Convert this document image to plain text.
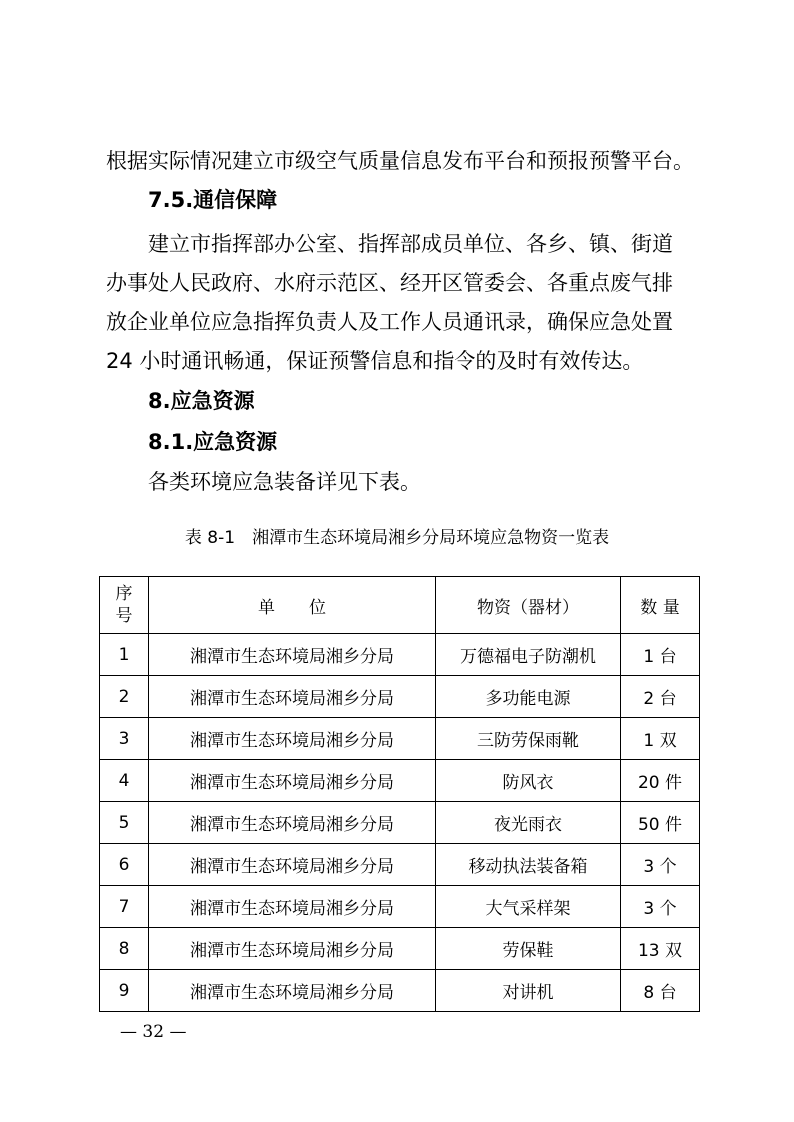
根据实际情况建立市级空气质量信息发布平台和预报预警平台。
7.5.通信保障
建立市指挥部办公室、指挥部成员单位、各乡、镇、街道
办事处人民政府、水府示范区、经开区管委会、各重点废气排
放企业单位应急指挥负责人及工作人员通讯录，确保应急处置
24 小时通讯畅通，保证预警信息和指令的及时有效传达。
8.应急资源
8.1.应急资源
各类环境应急装备详见下表。
表 8-1　湘潭市生态环境局湘乡分局环境应急物资一览表
序
号	单　　位	物资（器材）	数 量
1	湘潭市生态环境局湘乡分局	万德福电子防潮机	1 台
2	湘潭市生态环境局湘乡分局	多功能电源	2 台
3	湘潭市生态环境局湘乡分局	三防劳保雨靴	1 双
4	湘潭市生态环境局湘乡分局	防风衣	20 件
5	湘潭市生态环境局湘乡分局	夜光雨衣	50 件
6	湘潭市生态环境局湘乡分局	移动执法装备箱	3 个
7	湘潭市生态环境局湘乡分局	大气采样架	3 个
8	湘潭市生态环境局湘乡分局	劳保鞋	13 双
9	湘潭市生态环境局湘乡分局	对讲机	8 台
— 32 —
